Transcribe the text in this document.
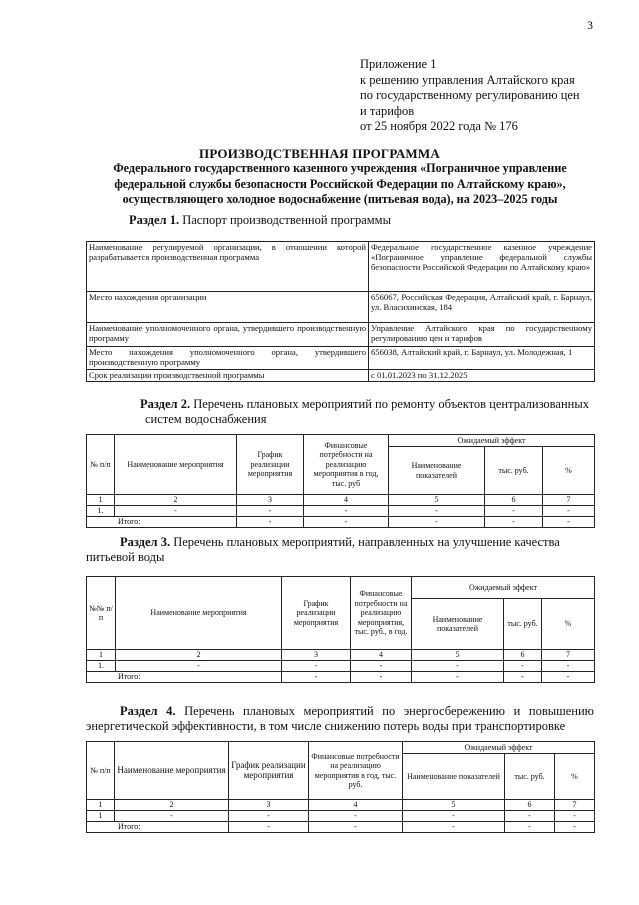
3
Приложение 1
к решению управления Алтайского края
по государственному регулированию цен
и тарифов
от 25 ноября 2022 года № 176
ПРОИЗВОДСТВЕННАЯ ПРОГРАММА
Федерального государственного казенного учреждения «Пограничное управление федеральной службы безопасности Российской Федерации по Алтайскому краю», осуществляющего холодное водоснабжение (питьевая вода), на 2023–2025 годы
Раздел 1. Паспорт производственной программы
Наименование регулируемой организации, в отношении которой разрабатывается производственная программа	Федеральное государственное казенное учреждение «Пограничное управление федеральной службы безопасности Российской Федерации по Алтайскому краю»
Место нахождения организации	656067, Российская Федерация, Алтайский край, г. Барнаул, ул. Власихинская, 184
Наименование уполномоченного органа, утвердившего производственную программу	Управление Алтайского края по государственному регулированию цен и тарифов
Место нахождения уполномоченного органа, утвердившего производственную программу	656038, Алтайский край, г. Барнаул, ул. Молодежная, 1
Срок реализации производственной программы	с 01.01.2023 по 31.12.2025
Раздел 2. Перечень плановых мероприятий по ремонту объектов централизованных систем водоснабжения
№ п/п	Наименование мероприятия	График реализации мероприятия	Финансовые потребности на реализацию мероприятия в год, тыс. руб	Ожидаемый эффект		
				Наименование показателей	тыс. руб.	%
1	2	3	4	5	6	7
1.	-	-	-	-	-	-
Итого:		-	-	-	-	-
Раздел 3. Перечень плановых мероприятий, направленных на улучшение качества питьевой воды
№№ п/п	Наименование мероприятия	График реализации мероприятия	Финансовые потребности на реализацию мероприятия, тыс. руб., в год.	Ожидаемый эффект		
				Наименование показателей	тыс. руб.	%
1	2	3	4	5	6	7
1.	-	-	-	-	-	-
Итого:		-	-	-	-	-
Раздел 4. Перечень плановых мероприятий по энергосбережению и повышению энергетической эффективности, в том числе снижению потерь воды при транспортировке
№ п/п	Наименование мероприятия	График реализации мероприятия	Финансовые потребности на реализацию мероприятия в год, тыс. руб.	Ожидаемый эффект		
				Наименование показателей	тыс. руб.	%
1	2	3	4	5	6	7
1	-	-	-	-	-	-
Итого:		-	-	-	-	-
